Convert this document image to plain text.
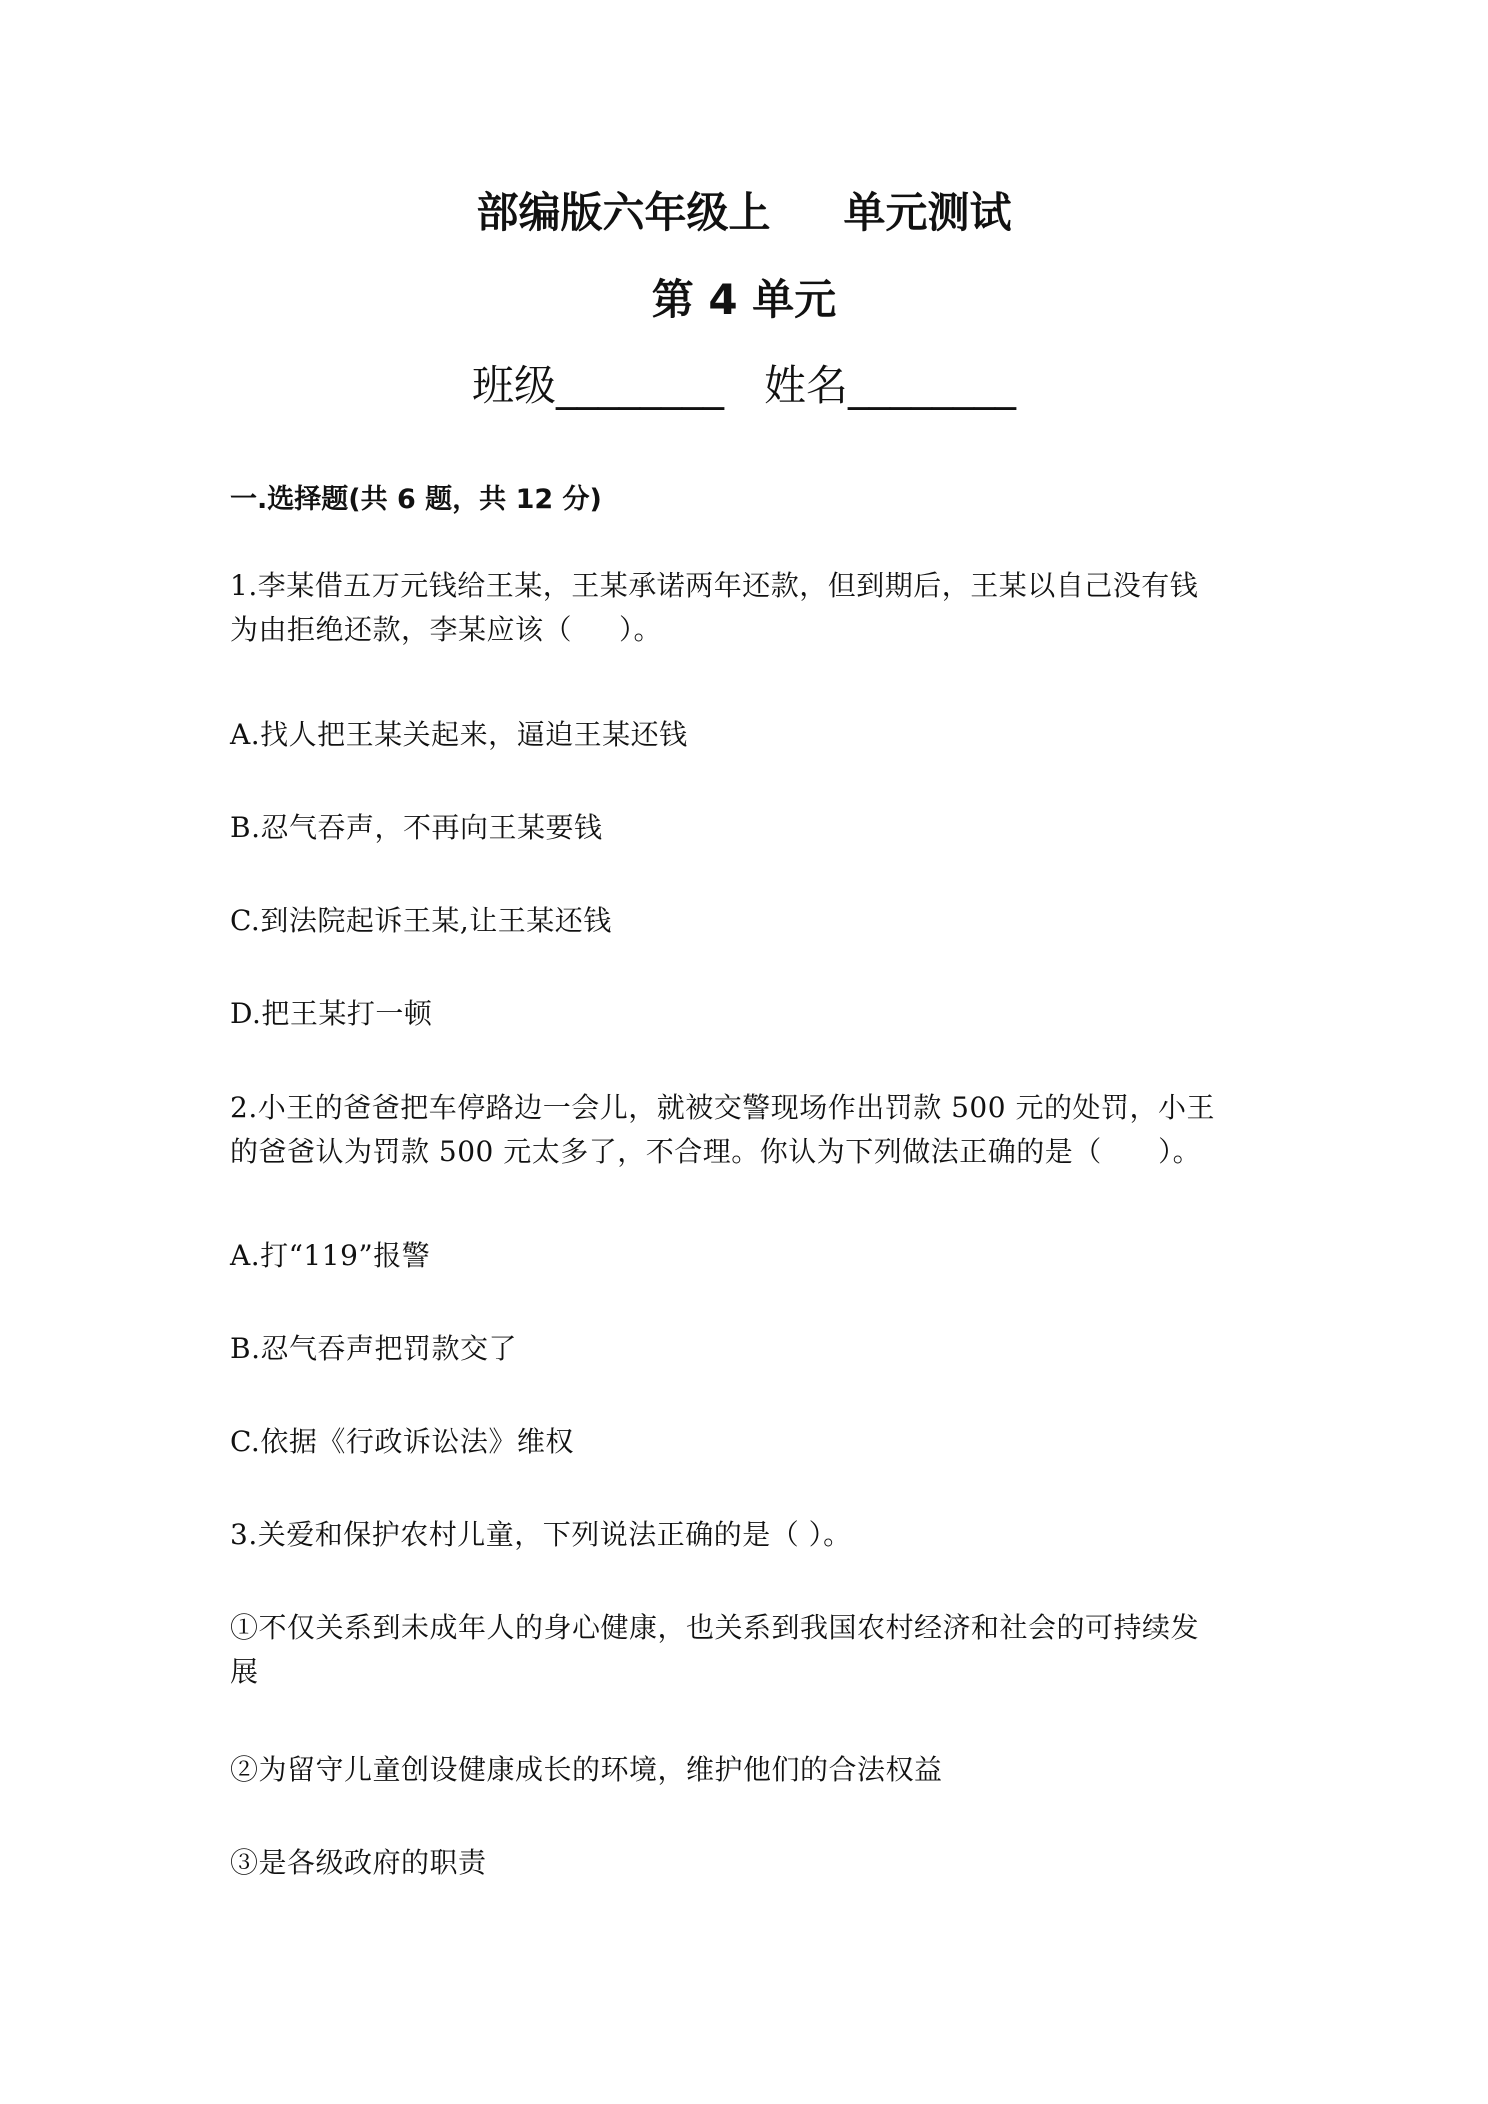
部编版六年级上     单元测试
第 4 单元
班级________ 姓名________
一.选择题(共 6 题，共 12 分)
1.李某借五万元钱给王某，王某承诺两年还款，但到期后，王某以自己没有钱
为由拒绝还款，李某应该（     ）。
A.找人把王某关起来，逼迫王某还钱
B.忍气吞声，不再向王某要钱
C.到法院起诉王某,让王某还钱
D.把王某打一顿
2.小王的爸爸把车停路边一会儿，就被交警现场作出罚款 500 元的处罚，小王
的爸爸认为罚款 500 元太多了，不合理。你认为下列做法正确的是（      ）。
A.打“119”报警
B.忍气吞声把罚款交了
C.依据《行政诉讼法》维权
3.关爱和保护农村儿童，下列说法正确的是（ ）。
①不仅关系到未成年人的身心健康，也关系到我国农村经济和社会的可持续发
展
②为留守儿童创设健康成长的环境，维护他们的合法权益
③是各级政府的职责
